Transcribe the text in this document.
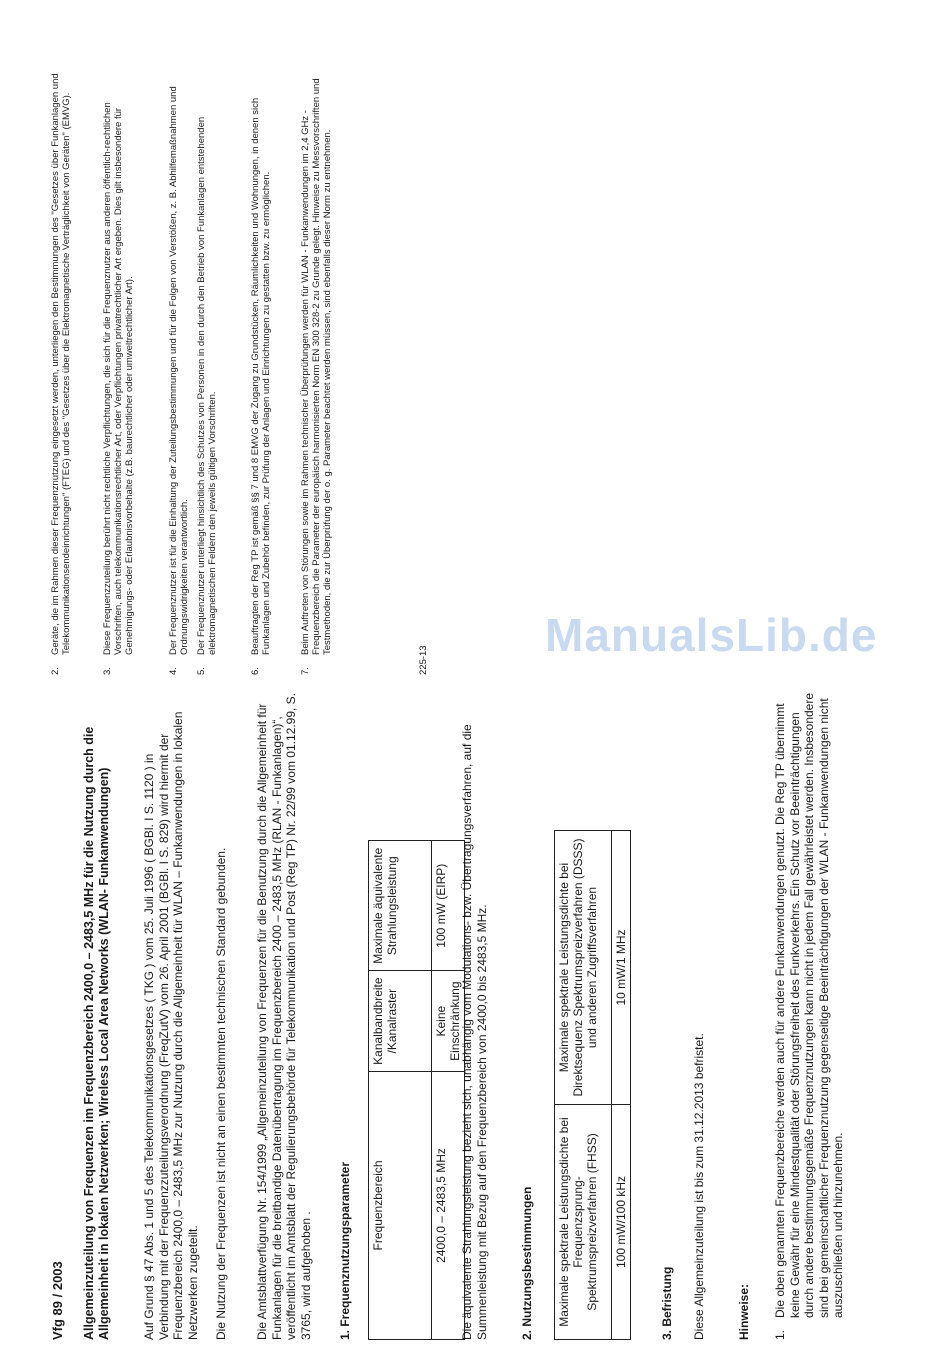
Vfg 89 / 2003 Allgemeinzuteilung von Frequenzen im Frequenzbereich 2400,0 – 2483,5 MHz für die Nutzung durch die Allgemeinheit in lokalen Netzwerken; Wireless Local Area Networks (WLAN- Funkanwendungen)	Auf Grund § 47 Abs. 1 und 5 des Telekommunikationsgesetzes ( TKG ) vom 25. Juli 1996 ( BGBl. I S. 1120 ) in Verbindung mit der Frequenzzuteilungsverordnung (FreqZutV) vom 26. April 2001 (BGBl. I S. 829) wird hiermit der Frequenzbereich 2400,0 – 2483,5 MHz zur Nutzung durch die Allgemeinheit für WLAN – Funkanwendungen in lokalen Netzwerken zugeteilt. Die Nutzung der Frequenzen ist nicht an einen bestimmten technischen Standard gebunden. Die Amtsblattverfügung Nr. 154/1999 „Allgemeinzuteilung von Frequenzen für die Benutzung durch die Allgemeinheit für Funkanlagen für die breitbandige Datenübertragung im Frequenzbereich 2400 – 2483,5 MHz (RLAN - Funkanlagen)“, veröffentlicht im Amtsblatt der Regulierungsbehörde für Telekommunikation und Post (Reg TP) Nr. 22/99 vom 01.12.99, S. 3765, wird aufgehoben . 1. Frequenznutzungsparameter Frequenzbereich	Kanalbandbreite /Kanalraster	Maximale äquivalente Strahlungsleistung
2400,0 – 2483,5 MHz	Keine Einschränkung	100 mW (EIRP) Die äquivalente Strahlungsleistung bezieht sich, unabhängig vom Modulations- bzw. Übertragungsverfahren, auf die Summenleistung mit Bezug auf den Frequenzbereich von 2400,0 bis 2483,5 MHz.	2. Nutzungsbestimmungen Maximale spektrale Leistungsdichte bei Frequenzsprung-Spektrumspreizverfahren (FHSS)	Maximale spektrale Leistungsdichte bei Direktsequenz Spektrumspreizverfahren (DSSS) und anderen Zugriffsverfahren
100 mW/100 kHz	10 mW/1 MHz
3. Befristung Diese Allgemeinzuteilung ist bis zum 31.12.2013 befristet.	Hinweise: 1.
Die oben genannten Frequenzbereiche werden auch für andere Funkanwendungen genutzt. Die Reg TP übernimmt keine Gewähr für eine Mindestqualität oder Störungsfreiheit des Funkverkehrs. Ein Schutz vor Beeinträchtigungen durch andere bestimmungsgemäße Frequenznutzungen kann nicht in jedem Fall gewährleistet werden. Insbesondere sind bei gemeinschaftlicher Frequenznutzung gegenseitige Beeinträchtigungen der WLAN - Funkanwendungen nicht auszuschließen und hinzunehmen.
2.
Geräte, die im Rahmen dieser Frequenznutzung eingesetzt werden, unterliegen den Bestimmungen des "Gesetzes über Funkanlagen und Telekommunikationsendeinrichtungen" (FTEG) und des "Gesetzes über die Elektromagnetische Verträglichkeit von Geräten" (EMVG).
3.
Diese Frequenzzuteilung berührt nicht rechtliche Verpflichtungen, die sich für die Frequenznutzer aus anderen öffentlich-rechtlichen Vorschriften, auch telekommunikationsrechtlicher Art, oder Verpflichtungen privatrechtlicher Art ergeben. Dies gilt insbesondere für Genehmigungs- oder Erlaubnisvorbehalte (z.B. baurechtlicher oder umweltrechtlicher Art).
4.
Der Frequenznutzer ist für die Einhaltung der Zuteilungsbestimmungen und für die Folgen von Verstößen, z. B. Abhilfemaßnahmen und Ordnungswidrigkeiten verantwortlich.
5.
Der Frequenznutzer unterliegt hinsichtlich des Schutzes von Personen in den durch den Betrieb von Funkanlagen entstehenden elektromagnetischen Feldern den jeweils gültigen Vorschriften.
6.
Beauftragten der Reg TP ist gemäß §§ 7 und 8 EMVG der Zugang zu Grundstücken, Räumlichkeiten und Wohnungen, in denen sich Funkanlagen und Zubehör befinden, zur Prüfung der Anlagen und Einrichtungen zu gestatten bzw. zu ermöglichen.
7.
Beim Auftreten von Störungen sowie im Rahmen technischer Überprüfungen werden für WLAN - Funkanwendungen im 2,4 GHz - Frequenzbereich die Parameter der europäisch harmonisierten Norm EN 300 328-2 zu Grunde gelegt. Hinweise zu Messvorschriften und Testmethoden, die zur Überprüfung der o. g. Parameter beachtet werden müssen, sind ebenfalls dieser Norm zu entnehmen.
225-13	ManualsLib.de
